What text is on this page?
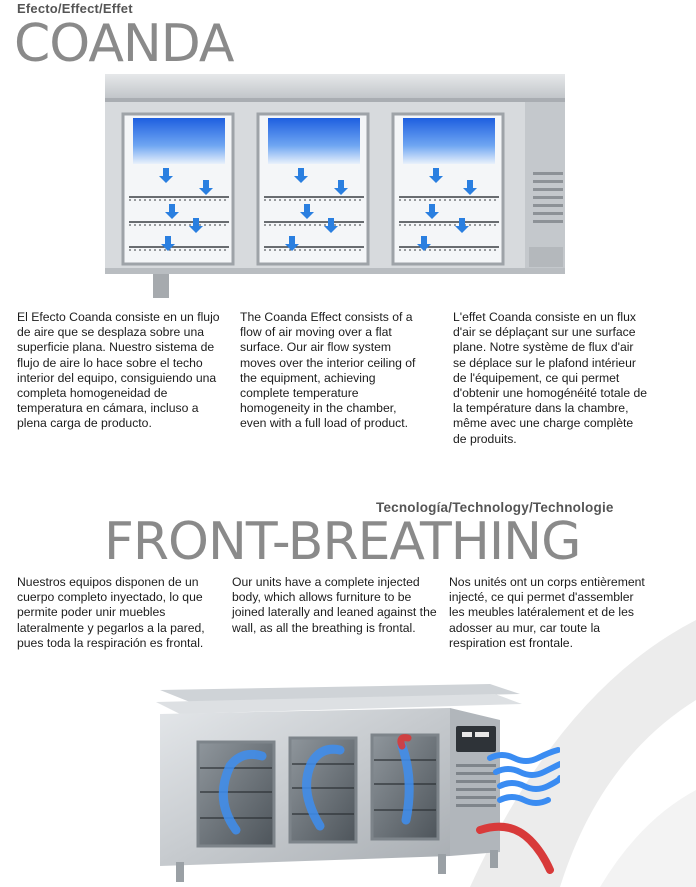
Efecto/Effect/Effet
COANDA
El Efecto Coanda consiste en un flujo de aire que se desplaza sobre una superficie plana. Nuestro sistema de flujo de aire lo hace sobre el techo interior del equipo, consiguiendo una completa homogeneidad de temperatura en cámara, incluso a plena carga de producto.
The Coanda Effect consists of a flow of air moving over a flat surface. Our air flow system moves over the interior ceiling of the equipment, achieving complete temperature homogeneity in the chamber, even with a full load of product.
L'effet Coanda consiste en un flux d'air se déplaçant sur une surface plane. Notre système de flux d'air se déplace sur le plafond intérieur de l'équipement, ce qui permet d'obtenir une homogénéité totale de la température dans la chambre, même avec une charge complète de produits.
Tecnología/Technology/Technologie
FRONT-BREATHING
Nuestros equipos disponen de un cuerpo completo inyectado, lo que permite poder unir muebles lateralmente y pegarlos a la pared, pues toda la respiración es frontal.
Our units have a complete injected body, which allows furniture to be joined laterally and leaned against the wall, as all the breathing is frontal.
Nos unités ont un corps entièrement injecté, ce qui permet d'assembler les meubles latéralement et de les adosser au mur, car toute la respiration est frontale.
